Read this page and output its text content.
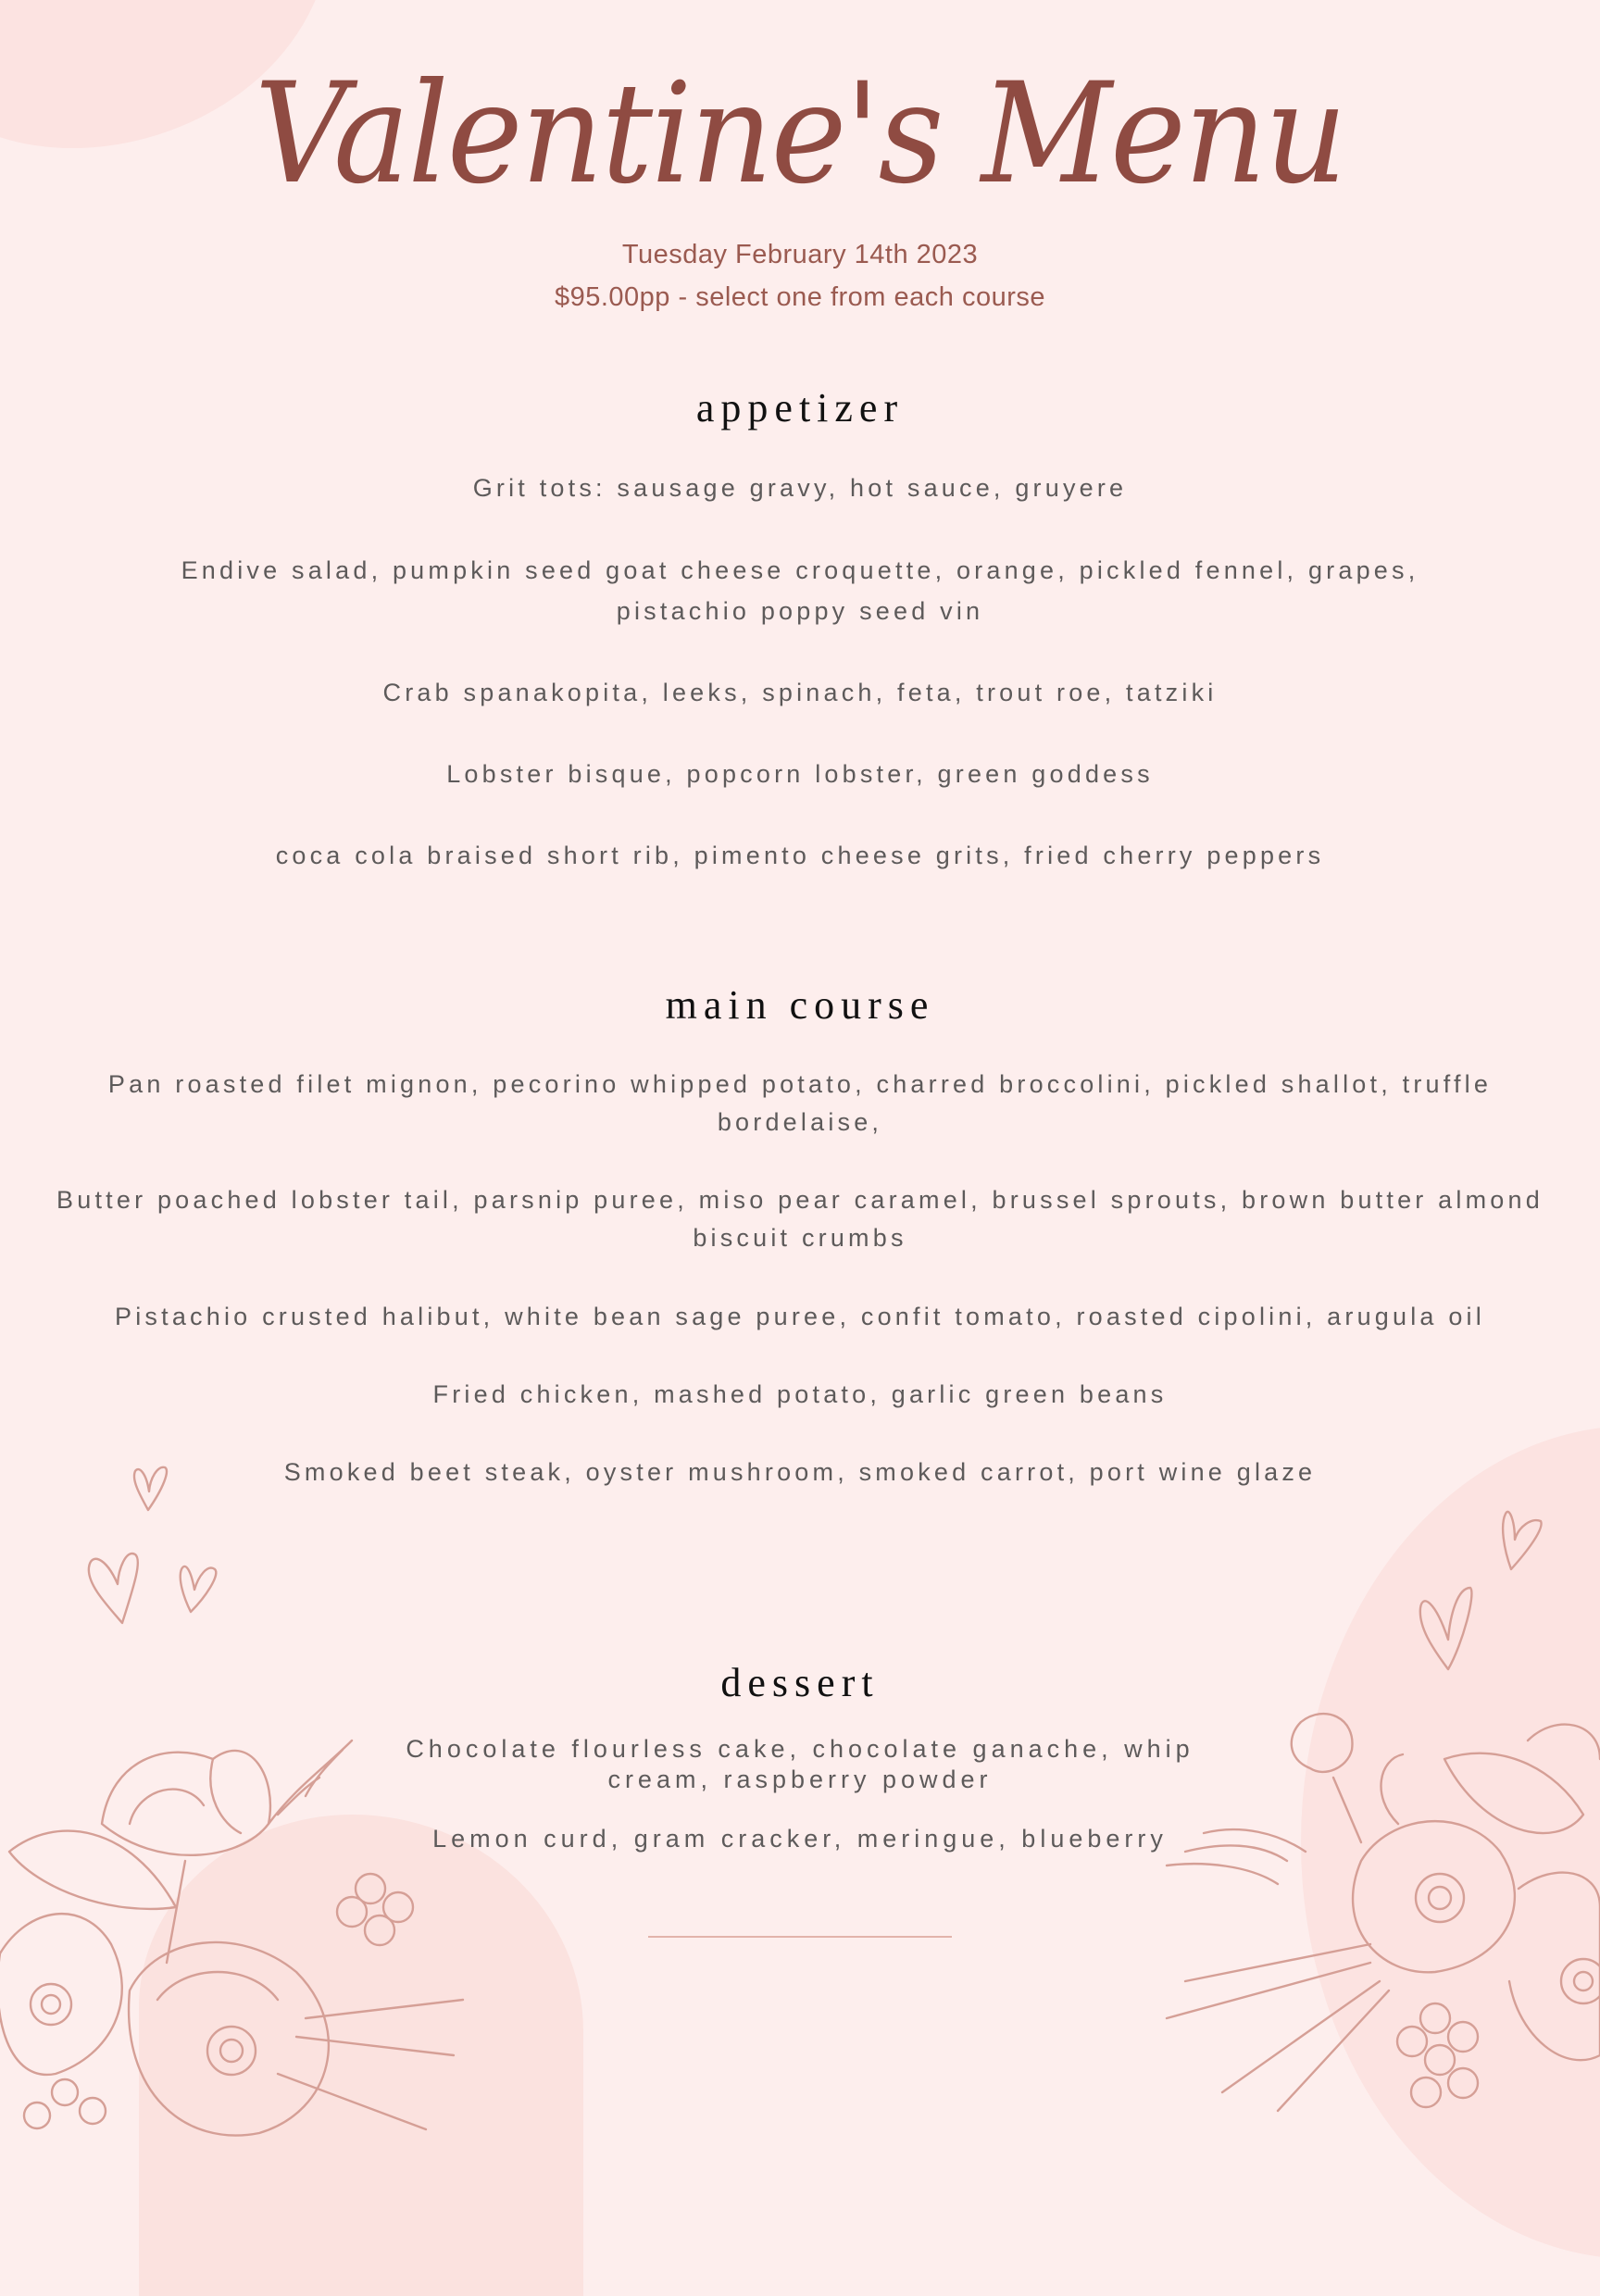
Valentine's Menu
Tuesday February 14th 2023
$95.00pp - select one from each course
appetizer
Grit tots: sausage gravy, hot sauce, gruyere
Endive salad, pumpkin seed goat cheese croquette, orange, pickled fennel, grapes,
pistachio poppy seed vin
Crab spanakopita, leeks, spinach, feta, trout roe, tatziki
Lobster bisque, popcorn lobster, green goddess
coca cola braised short rib, pimento cheese grits, fried cherry peppers
main course
Pan roasted filet mignon, pecorino whipped potato, charred broccolini, pickled shallot, truffle
bordelaise,
Butter poached lobster tail, parsnip puree, miso pear caramel, brussel sprouts, brown butter almond
biscuit crumbs
Pistachio crusted halibut, white bean sage puree, confit tomato, roasted cipolini, arugula oil
Fried chicken, mashed potato, garlic green beans
Smoked beet steak, oyster mushroom, smoked carrot, port wine glaze
dessert
Chocolate flourless cake, chocolate ganache, whip
cream, raspberry powder
Lemon curd, gram cracker, meringue, blueberry
